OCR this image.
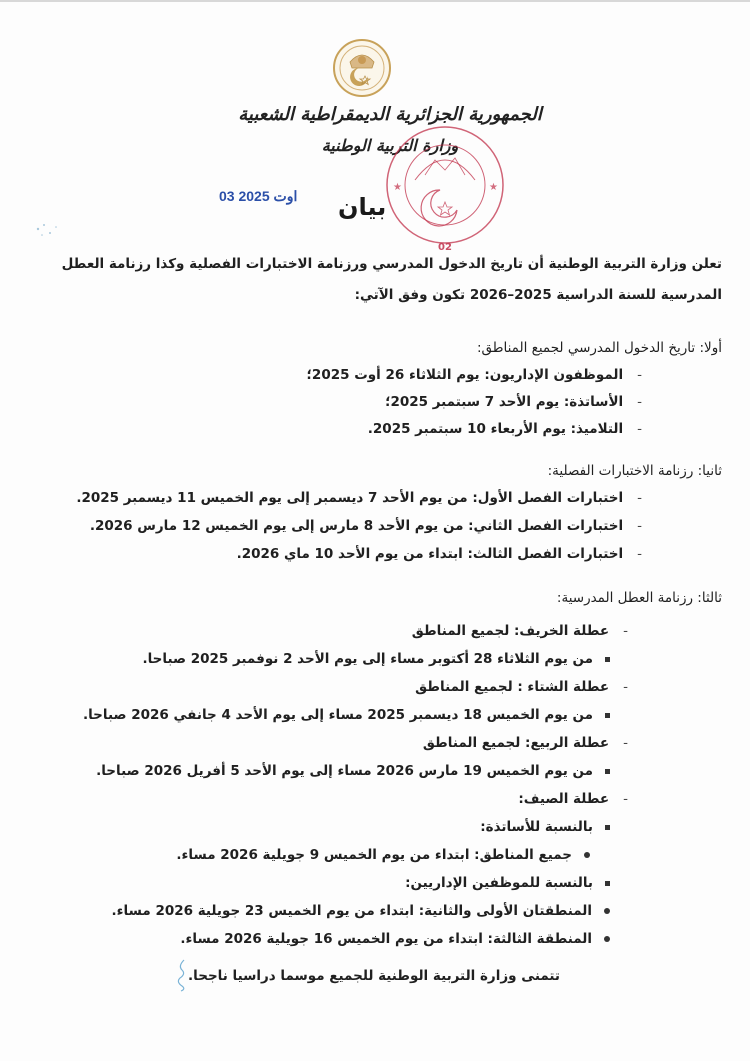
الجمهورية الجزائرية الديمقراطية الشعبية
وزارة التربية الوطنية
03 اوت 2025 بيان
★	★
02
تعلن وزارة التربية الوطنية أن تاريخ الدخول المدرسي ورزنامة الاختبارات الفصلية وكذا رزنامة العطل
المدرسية للسنة الدراسية 2025–2026 تكون وفق الآتي:
أولا: تاريخ الدخول المدرسي لجميع المناطق:
-الموظفون الإداريون: يوم الثلاثاء 26 أوت 2025؛
-الأساتذة: يوم الأحد 7 سبتمبر 2025؛
-التلاميذ: يوم الأربعاء 10 سبتمبر 2025.
ثانيا: رزنامة الاختبارات الفصلية:
-اختبارات الفصل الأول: من يوم الأحد 7 ديسمبر إلى يوم الخميس 11 ديسمبر 2025.
-اختبارات الفصل الثاني: من يوم الأحد 8 مارس إلى يوم الخميس 12 مارس 2026.
-اختبارات الفصل الثالث: ابتداء من يوم الأحد 10 ماي 2026.
ثالثا: رزنامة العطل المدرسية:
-عطلة الخريف: لجميع المناطق
من يوم الثلاثاء 28 أكتوبر مساء إلى يوم الأحد 2 نوفمبر 2025 صباحا.
-عطلة الشتاء : لجميع المناطق
من يوم الخميس 18 ديسمبر 2025 مساء إلى يوم الأحد 4 جانفي 2026 صباحا.
-عطلة الربيع: لجميع المناطق
من يوم الخميس 19 مارس 2026 مساء إلى يوم الأحد 5 أفريل 2026 صباحا.
-عطلة الصيف:
بالنسبة للأساتذة:
جميع المناطق: ابتداء من يوم الخميس 9 جويلية 2026 مساء.
بالنسبة للموظفين الإداريين:
المنطقتان الأولى والثانية: ابتداء من يوم الخميس 23 جويلية 2026 مساء.
المنطقة الثالثة: ابتداء من يوم الخميس 16 جويلية 2026 مساء.
تتمنى وزارة التربية الوطنية للجميع موسما دراسيا ناجحا.
